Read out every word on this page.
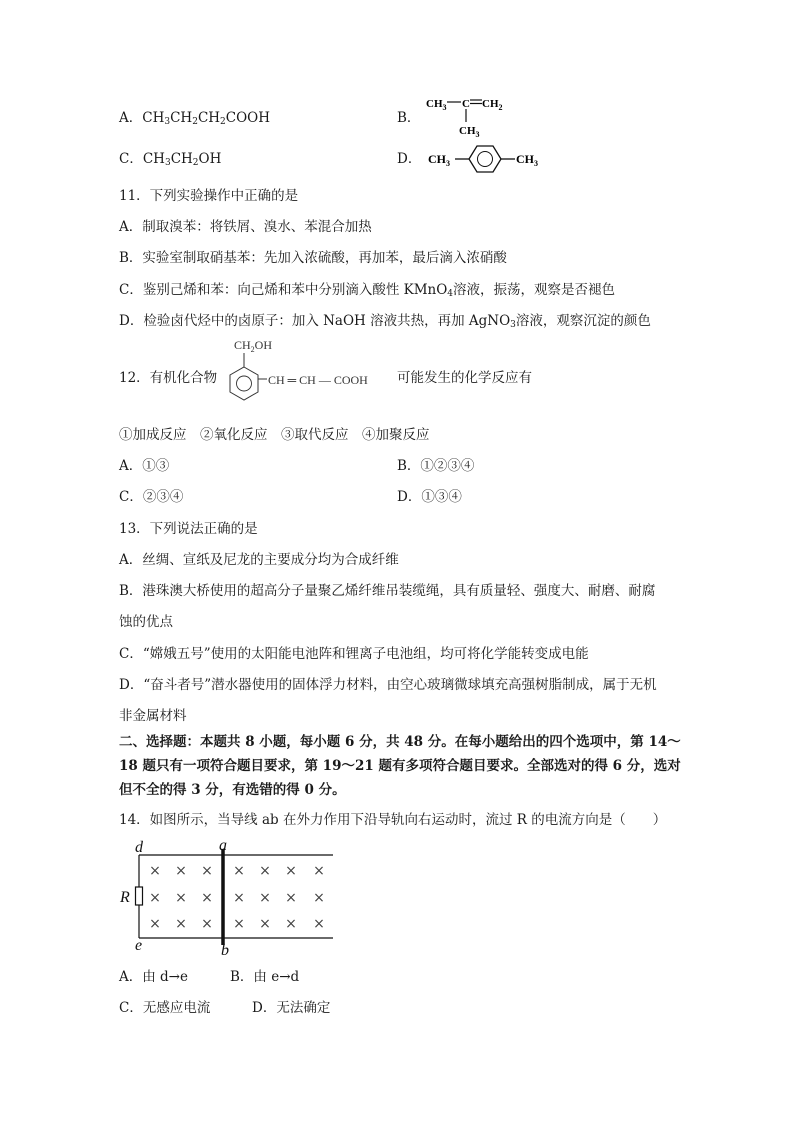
A．$CH_3CH_2CH_2COOH$	B．
$CH_3$ C $CH_2$
$CH_3$
C．$CH_3CH_2OH$	D． $CH_3$	$CH_3$
11．下列实验操作中正确的是
A．制取溴苯：将铁屑、溴水、苯混合加热
B．实验室制取硝基苯：先加入浓硫酸，再加苯，最后滴入浓硝酸
C．鉴别己烯和苯：向己烯和苯中分别滴入酸性 KMnO$_4$溶液，振荡，观察是否褪色
D．检验卤代烃中的卤原子：加入 NaOH 溶液共热，再加 AgNO$_3$溶液，观察沉淀的颜色
12．有机化合物
$CH_2OH$
CH ═ CH — COOH 可能发生的化学反应有
①加成反应　②氧化反应　③取代反应　④加聚反应
A．①③	B．①②③④
C．②③④	D．①③④
13．下列说法正确的是
A．丝绸、宣纸及尼龙的主要成分均为合成纤维
B．港珠澳大桥使用的超高分子量聚乙烯纤维吊装缆绳，具有质量轻、强度大、耐磨、耐腐
蚀的优点
C．“嫦娥五号”使用的太阳能电池阵和锂离子电池组，均可将化学能转变成电能
D．“奋斗者号”潜水器使用的固体浮力材料，由空心玻璃微球填充高强树脂制成，属于无机
非金属材料
二、选择题：本题共 8 小题，每小题 6 分，共 48 分。在每小题给出的四个选项中，第 14～
18 题只有一项符合题目要求，第 19～21 题有多项符合题目要求。全部选对的得 6 分，选对
但不全的得 3 分，有选错的得 0 分。
14．如图所示，当导线 ab 在外力作用下沿导轨向右运动时，流过 R 的电流方向是（　　）
d	a
R
e	b
× × × × × × ×
× × × × × × ×
× × × × × × ×
A．由 d→e	B．由 e→d
C．无感应电流	D．无法确定
